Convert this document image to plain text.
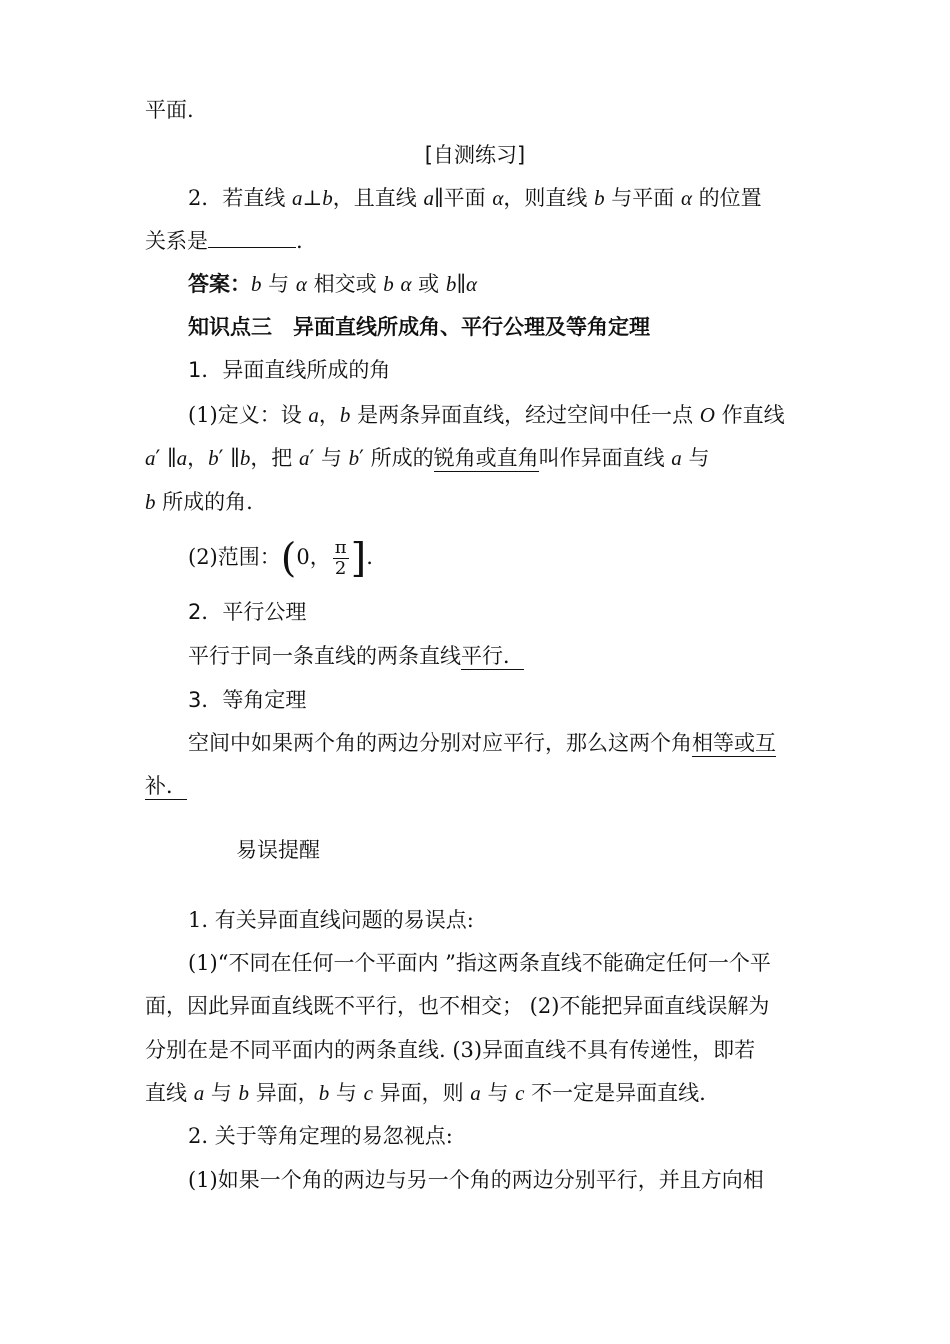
平面.
[自测练习]
2．若直线 a⊥b，且直线 a∥平面 α，则直线 b 与平面 α 的位置
关系是	.
答案：b 与 α 相交或 b α 或 b∥α
知识点三　异面直线所成角、平行公理及等角定理
1．异面直线所成的角
(1)定义：设 a，b 是两条异面直线，经过空间中任一点 O 作直线
a′ ∥a，b′ ∥b，把 a′ 与 b′ 所成的锐角或直角叫作异面直线 a 与
b 所成的角.
(2)范围：(0， $\frac{\pi}{2}$ ].
2．平行公理
平行于同一条直线的两条直线平行．
3．等角定理
空间中如果两个角的两边分别对应平行，那么这两个角相等或互
补．
易误提醒
1. 有关异面直线问题的易误点:
(1)“不同在任何一个平面内 ”指这两条直线不能确定任何一个平
面，因此异面直线既不平行，也不相交； (2)不能把异面直线误解为
分别在是不同平面内的两条直线. (3)异面直线不具有传递性，即若
直线 a 与 b 异面，b 与 c 异面，则 a 与 c 不一定是异面直线.
2. 关于等角定理的易忽视点:
(1)如果一个角的两边与另一个角的两边分别平行，并且方向相
